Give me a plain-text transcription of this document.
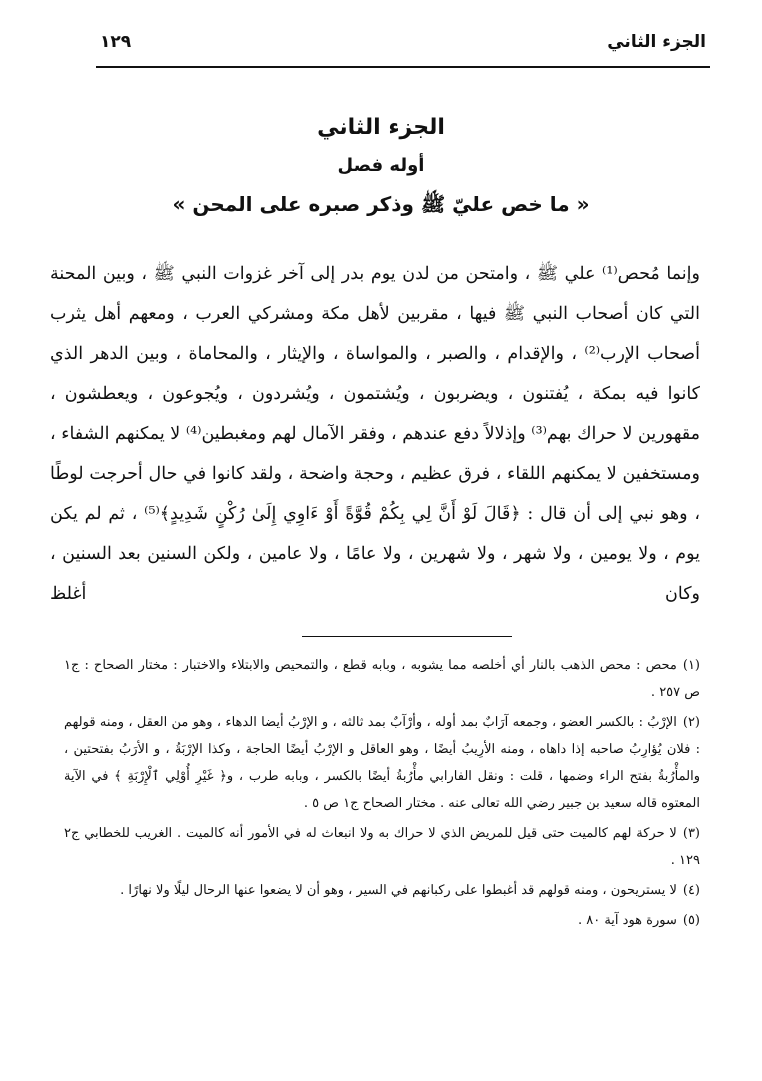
الجزء الثاني
١٢٩
الجزء الثاني
أوله فصل
« ما خص عليّ ﷺ وذكر صبره على المحن »

وإنما مُحص⁽¹⁾ علي ﷺ ، وامتحن من لدن يوم بدر إلى آخر غزوات النبي ﷺ ، وبين المحنة التي كان أصحاب النبي ﷺ فيها ، مقربين لأهل مكة ومشركي العرب ، ومعهم أهل يثرب أصحاب الإرب⁽²⁾ ، والإقدام ، والصبر ، والمواساة ، والإيثار ، والمحاماة ، وبين الدهر الذي كانوا فيه بمكة ، يُفتنون ، ويضربون ، ويُشتمون ، ويُشردون ، ويُجوعون ، ويعطشون ، مقهورين لا حراك بهم⁽³⁾ وإذلالاً دفع عندهم ، وفقر الآمال لهم ومغبطين⁽⁴⁾ لا يمكنهم الشفاء ، ومستخفين لا يمكنهم اللقاء ، فرق عظيم ، وحجة واضحة ، ولقد كانوا في حال أحرجت لوطًا ، وهو نبي إلى أن قال : ﴿قَالَ لَوْ أَنَّ لِي بِكُمْ قُوَّةً أَوْ ءَاوِي إِلَىٰ رُكْنٍ شَدِيدٍ﴾⁽⁵⁾ ، ثم لم يكن يوم ، ولا يومين ، ولا شهر ، ولا شهرين ، ولا عامًا ، ولا عامين ، ولكن السنين بعد السنين ، وكان أغلظ

(١)محص : محص الذهب بالنار أي أخلصه مما يشوبه ، وبابه قطع ، والتمحيص والابتلاء والاختبار : مختار الصحاح : ج١ ص ٢٥٧ .

(٢)الإرْبُ : بالكسر العضو ، وجمعه آرَابٌ بمد أوله ، وأرْآبٌ بمد ثالثه ، و الإرْبُ أيضا الدهاء ، وهو من العقل ، ومنه قولهم : فلان يُؤارِبُ صاحبه إذا داهاه ، ومنه الأرِيبُ أيضًا ، وهو العاقل و الإرْبُ أيضًا الحاجة ، وكذا الإرْبَةُ ، و الأرَبُ بفتحتين ، والمأْرُبةُ بفتح الراء وضمها ، قلت : ونقل الفارابي مأْرُبةُ أيضًا بالكسر ، وبابه طرب ، و﴿ غَيْرِ أُوْلِي ٱلْإِرْبَةِ ﴾ في الآية المعتوه قاله سعيد بن جبير رضي الله تعالى عنه . مختار الصحاح ج١ ص ٥ .

(٣)لا حركة لهم كالميت حتى قيل للمريض الذي لا حراك به ولا انبعاث له في الأمور أنه كالميت . الغريب للخطابي ج٢ ١٢٩ .

(٤)لا يستريحون ، ومنه قولهم قد أغبطوا على ركبانهم في السير ، وهو أن لا يضعوا عنها الرحال ليلًا ولا نهارًا .

(٥)سورة هود آية ٨٠ .
